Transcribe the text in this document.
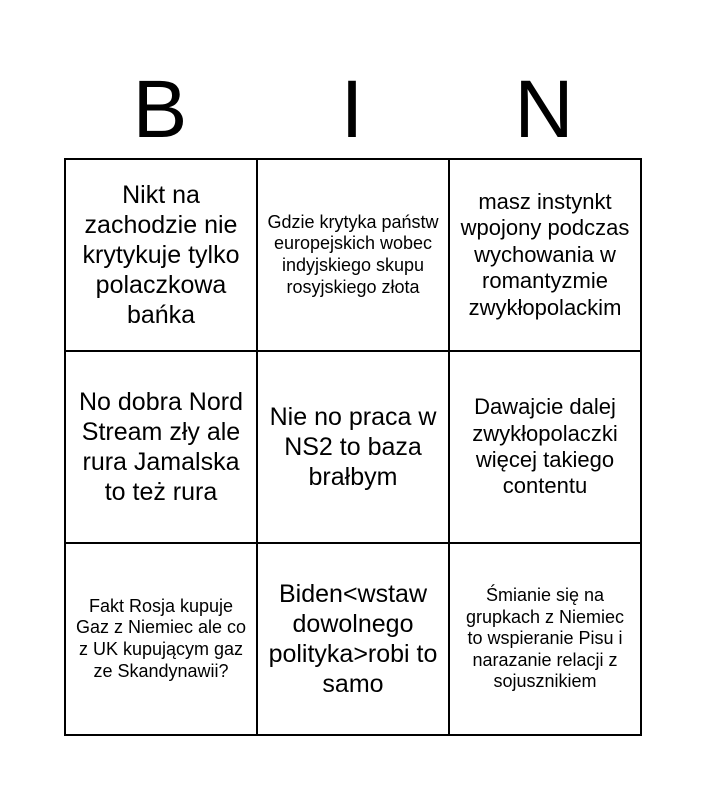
B	I	N
Nikt na zachodzie nie krytykuje tylko polaczkowa bańka
Gdzie krytyka państw europejskich wobec indyjskiego skupu rosyjskiego złota
masz instynkt wpojony podczas wychowania w romantyzmie zwykłopolackim
No dobra Nord Stream zły ale rura Jamalska to też rura
Nie no praca w NS2 to baza brałbym
Dawajcie dalej zwykłopolaczki więcej takiego contentu
Fakt Rosja kupuje Gaz z Niemiec ale co z UK kupującym gaz ze Skandynawii?
Biden<wstaw dowolnego polityka>robi to samo
Śmianie się na grupkach z Niemiec to wspieranie Pisu i narazanie relacji z sojusznikiem
